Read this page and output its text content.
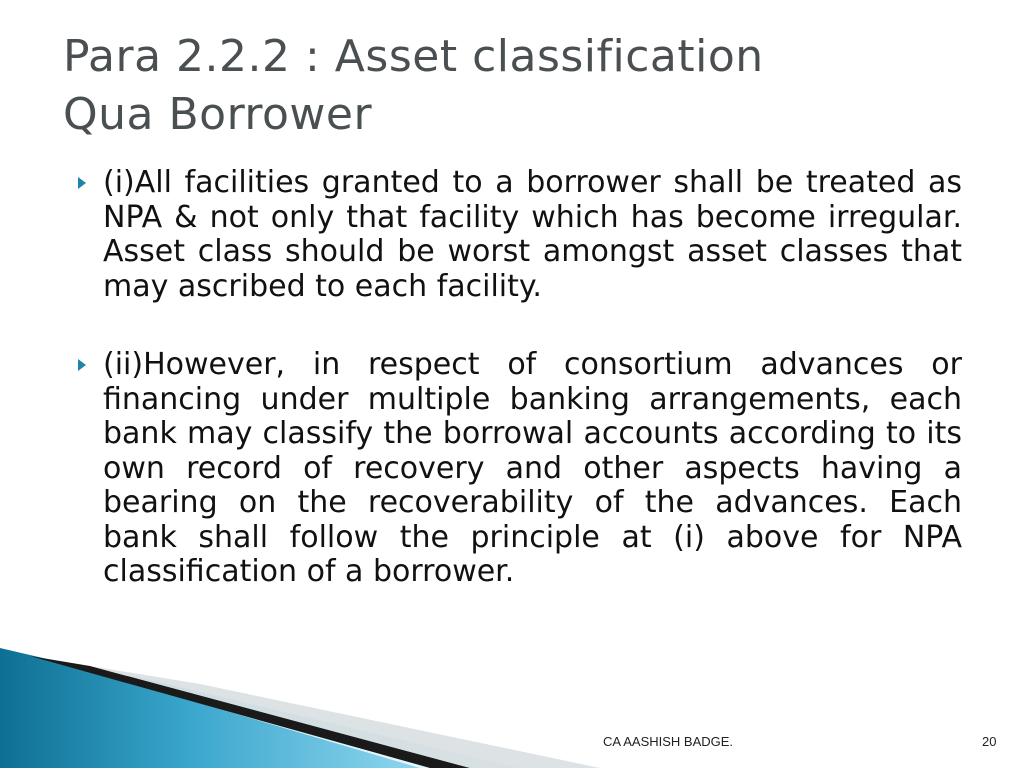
Para 2.2.2 : Asset classification
Qua Borrower
(i)All facilities granted to a borrower shall be treated as NPA & not only that facility which has become irregular. Asset class should be worst amongst asset classes that may ascribed to each facility.
(ii)However, in respect of consortium advances or financing under multiple banking arrangements, each bank may classify the borrowal accounts according to its own record of recovery and other aspects having a bearing on the recoverability of the advances. Each bank shall follow the principle at (i) above for NPA classification of a borrower.
CA AASHISH BADGE.	20
